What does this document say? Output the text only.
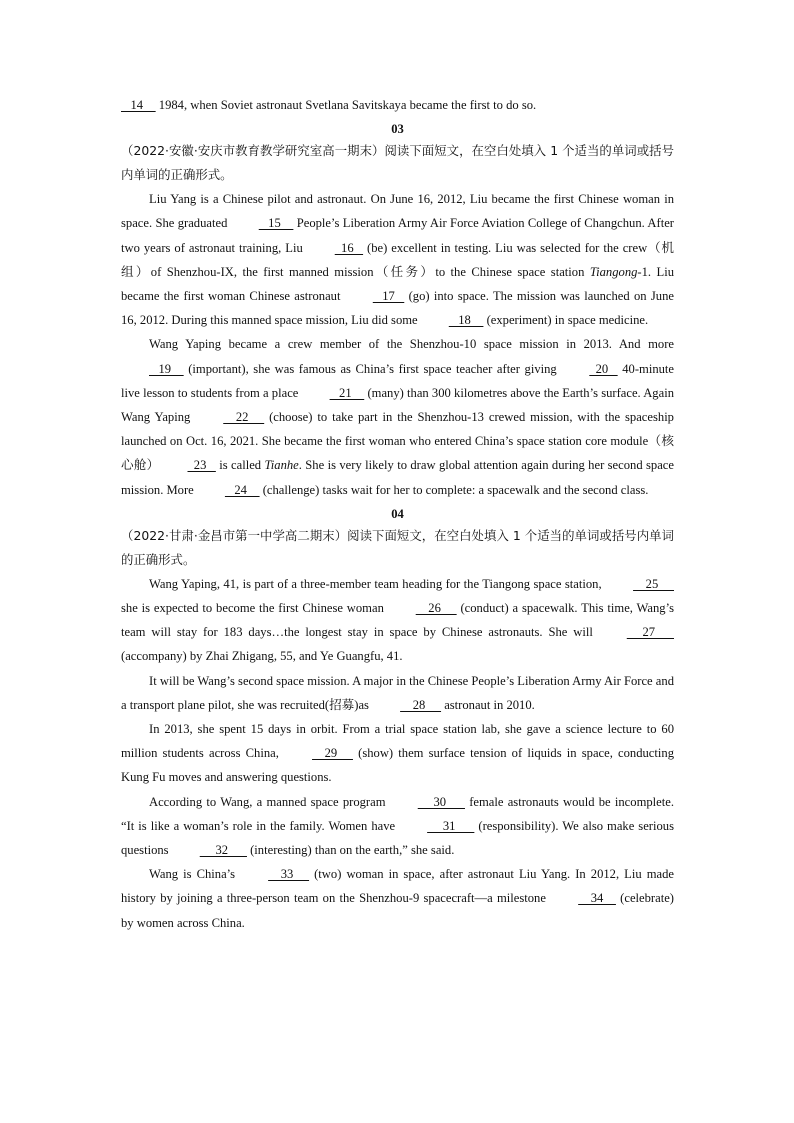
14     1984, when Soviet astronaut Svetlana Savitskaya became the first to do so.

03

（2022·安徽·安庆市教育教学研究室高一期末）阅读下面短文，在空白处填入 1 个适当的单词或括号内单词的正确形式。

Liu Yang is a Chinese pilot and astronaut. On June 16, 2012, Liu became the first Chinese woman in space. She graduated    15     People’s Liberation Army Air Force Aviation College of Changchun. After two years of astronaut training, Liu   16    (be) excellent in testing. Liu was selected for the crew（机组）of Shenzhou-IX, the first manned mission（任务）to the Chinese space station Tiangong-1. Liu became the first woman Chinese astronaut    17    (go) into space. The mission was launched on June 16, 2012. During this manned space mission, Liu did some    18     (experiment) in space medicine.

Wang Yaping became a crew member of the Shenzhou-10 space mission in 2013. And more    19     (important), she was famous as China’s first space teacher after giving   20    40-minute live lesson to students from a place    21     (many) than 300 kilometres above the Earth’s surface. Again Wang Yaping     22      (choose) to take part in the Shenzhou-13 crewed mission, with the spaceship launched on Oct. 16, 2021. She became the first woman who entered China’s space station core module（核心舱）  23    is called Tianhe. She is very likely to draw global attention again during her second space mission. More    24     (challenge) tasks wait for her to complete: a spacewalk and the second class.

04

（2022·甘肃·金昌市第一中学高二期末）阅读下面短文，在空白处填入 1 个适当的单词或括号内单词的正确形式。

Wang Yaping, 41, is part of a three-member team heading for the Tiangong space station,     25      she is expected to become the first Chinese woman     26      (conduct) a spacewalk. This time, Wang’s team will stay for 183 days…the longest stay in space by Chinese astronauts. She will      27       (accompany) by Zhai Zhigang, 55, and Ye Guangfu, 41.

It will be Wang’s second space mission. A major in the Chinese People’s Liberation Army Air Force and a transport plane pilot, she was recruited(招募)as     28      astronaut in 2010.

In 2013, she spent 15 days in orbit. From a trial space station lab, she gave a science lecture to 60 million students across China,     29      (show) them surface tension of liquids in space, conducting Kung Fu moves and answering questions.

According to Wang, a manned space program      30       female astronauts would be incomplete. “It is like a woman’s role in the family. Women have      31       (responsibility). We also make serious questions      32       (interesting) than on the earth,” she said.

Wang is China’s     33      (two) woman in space, after astronaut Liu Yang. In 2012, Liu made history by joining a three-person team on the Shenzhou-9 spacecraft—a milestone     34     (celebrate) by women across China.
